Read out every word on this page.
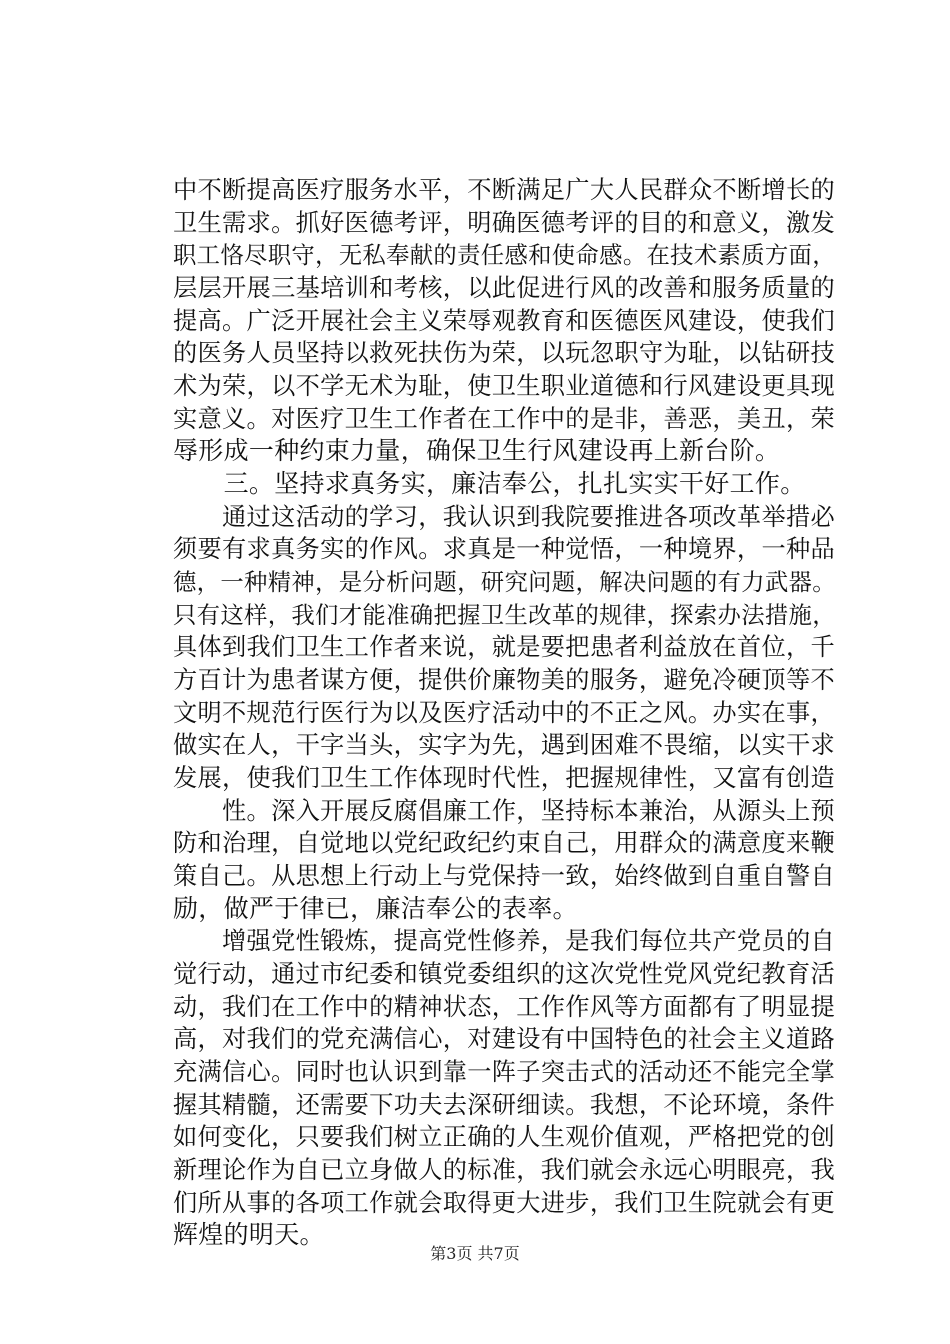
中不断提高医疗服务水平，不断满足广大人民群众不断增长的
卫生需求。抓好医德考评，明确医德考评的目的和意义，激发
职工恪尽职守，无私奉献的责任感和使命感。在技术素质方面，
层层开展三基培训和考核，以此促进行风的改善和服务质量的
提高。广泛开展社会主义荣辱观教育和医德医风建设，使我们
的医务人员坚持以救死扶伤为荣，以玩忽职守为耻，以钻研技
术为荣，以不学无术为耻，使卫生职业道德和行风建设更具现
实意义。对医疗卫生工作者在工作中的是非，善恶，美丑，荣
辱形成一种约束力量，确保卫生行风建设再上新台阶。
　　三。坚持求真务实，廉洁奉公，扎扎实实干好工作。
　　通过这活动的学习，我认识到我院要推进各项改革举措必
须要有求真务实的作风。求真是一种觉悟，一种境界，一种品
德，一种精神，是分析问题，研究问题，解决问题的有力武器。
只有这样，我们才能准确把握卫生改革的规律，探索办法措施，
具体到我们卫生工作者来说，就是要把患者利益放在首位，千
方百计为患者谋方便，提供价廉物美的服务，避免冷硬顶等不
文明不规范行医行为以及医疗活动中的不正之风。办实在事，
做实在人，干字当头，实字为先，遇到困难不畏缩，以实干求
发展，使我们卫生工作体现时代性，把握规律性，又富有创造
　　性。深入开展反腐倡廉工作，坚持标本兼治，从源头上预
防和治理，自觉地以党纪政纪约束自己，用群众的满意度来鞭
策自己。从思想上行动上与党保持一致，始终做到自重自警自
励，做严于律已，廉洁奉公的表率。
　　增强党性锻炼，提高党性修养，是我们每位共产党员的自
觉行动，通过市纪委和镇党委组织的这次党性党风党纪教育活
动，我们在工作中的精神状态，工作作风等方面都有了明显提
高，对我们的党充满信心，对建设有中国特色的社会主义道路
充满信心。同时也认识到靠一阵子突击式的活动还不能完全掌
握其精髓，还需要下功夫去深研细读。我想，不论环境，条件
如何变化，只要我们树立正确的人生观价值观，严格把党的创
新理论作为自已立身做人的标准，我们就会永远心明眼亮，我
们所从事的各项工作就会取得更大进步，我们卫生院就会有更
辉煌的明天。
第3页 共7页
